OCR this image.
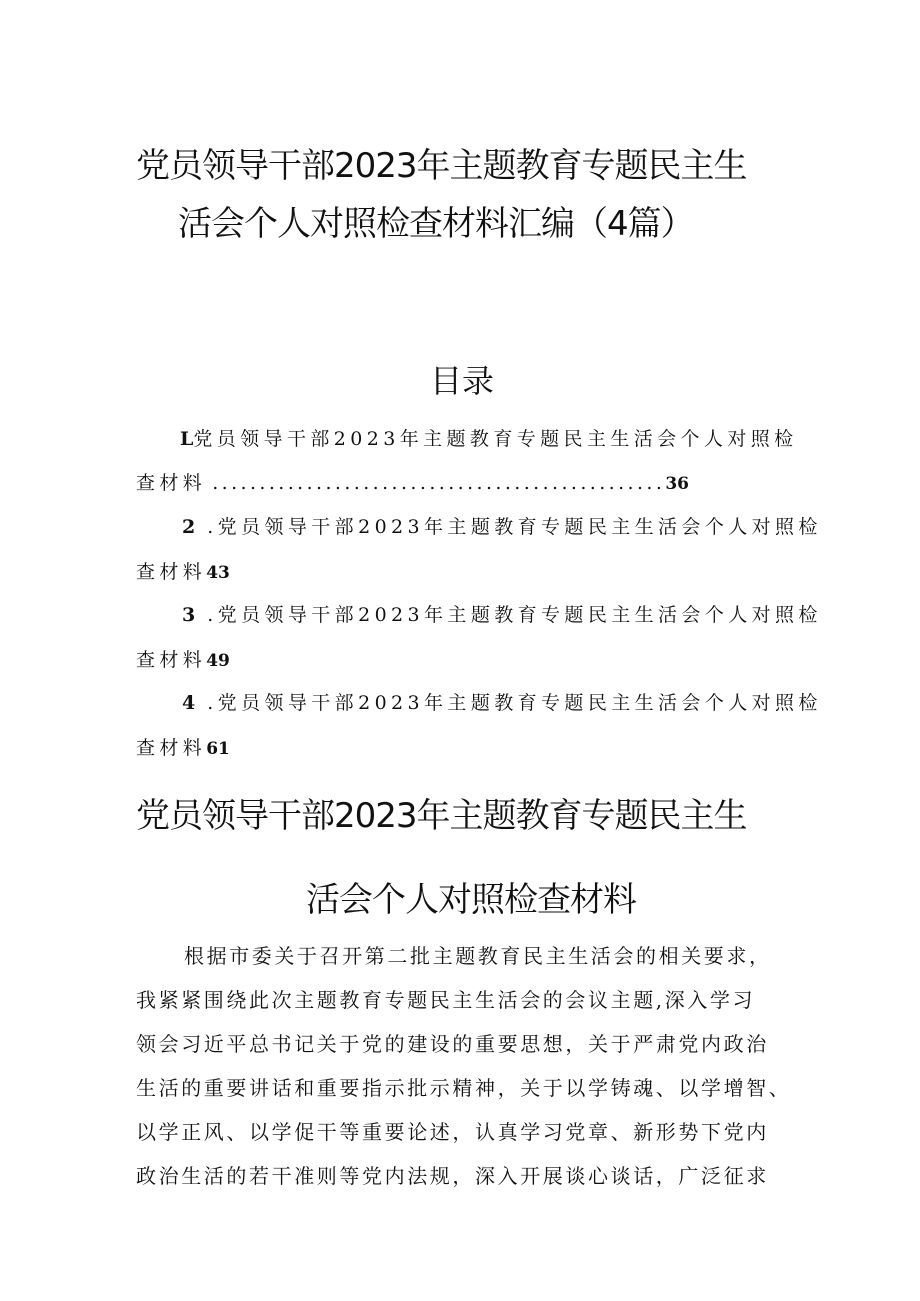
党员领导干部2023年主题教育专题民主生
活会个人对照检查材料汇编（4篇）
目录
L党员领导干部2023年主题教育专题民主生活会个人对照检
查材料 ................................................36
2 .党员领导干部2023年主题教育专题民主生活会个人对照检
查材料43
3 .党员领导干部2023年主题教育专题民主生活会个人对照检
查材料49
4 .党员领导干部2023年主题教育专题民主生活会个人对照检
查材料61
党员领导干部2023年主题教育专题民主生
活会个人对照检查材料
根据市委关于召开第二批主题教育民主生活会的相关要求，
我紧紧围绕此次主题教育专题民主生活会的会议主题,深入学习
领会习近平总书记关于党的建设的重要思想，关于严肃党内政治
生活的重要讲话和重要指示批示精神，关于以学铸魂、以学增智、
以学正风、以学促干等重要论述，认真学习党章、新形势下党内
政治生活的若干准则等党内法规，深入开展谈心谈话，广泛征求
